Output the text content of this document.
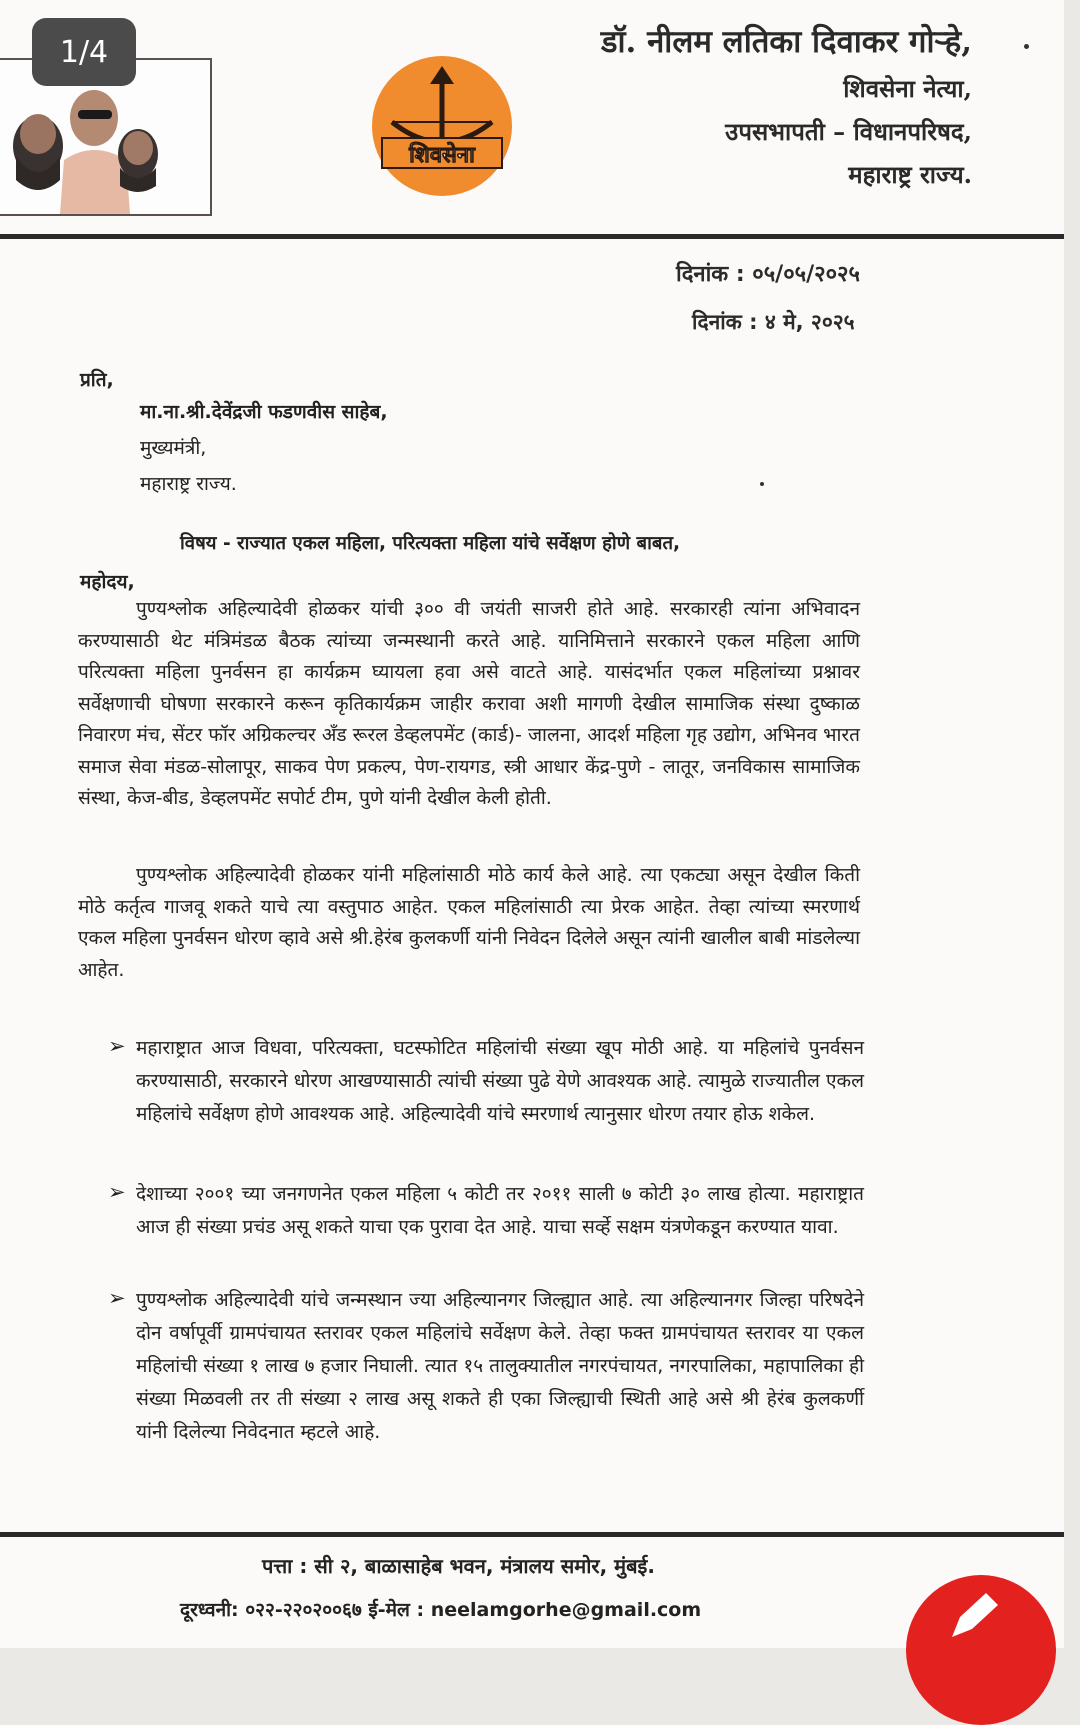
1/4
शिवसेना
डॉ. नीलम लतिका दिवाकर गोऱ्हे,
शिवसेना नेत्या,
उपसभापती – विधानपरिषद,
महाराष्ट्र राज्य.
दिनांक : ०५/०५/२०२५
दिनांक : ४ मे, २०२५
प्रति,
मा.ना.श्री.देवेंद्रजी फडणवीस साहेब,
मुख्यमंत्री,
महाराष्ट्र राज्य.
विषय - राज्यात एकल महिला, परित्यक्ता महिला यांचे सर्वेक्षण होणे बाबत,
महोदय,
पुण्यश्लोक अहिल्यादेवी होळकर यांची ३०० वी जयंती साजरी होते आहे. सरकारही त्यांना अभिवादन करण्यासाठी थेट मंत्रिमंडळ बैठक त्यांच्या जन्मस्थानी करते आहे. यानिमित्ताने सरकारने एकल महिला आणि परित्यक्ता महिला पुनर्वसन हा कार्यक्रम घ्यायला हवा असे वाटते आहे. यासंदर्भात एकल महिलांच्या प्रश्नावर सर्वेक्षणाची घोषणा सरकारने करून कृतिकार्यक्रम जाहीर करावा अशी मागणी देखील सामाजिक संस्था दुष्काळ निवारण मंच, सेंटर फॉर अग्रिकल्चर अँड रूरल डेव्हलपमेंट (कार्ड)- जालना, आदर्श महिला गृह उद्योग, अभिनव भारत समाज सेवा मंडळ-सोलापूर, साकव पेण प्रकल्प, पेण-रायगड, स्त्री आधार केंद्र-पुणे - लातूर, जनविकास सामाजिक संस्था, केज-बीड, डेव्हलपमेंट सपोर्ट टीम, पुणे यांनी देखील केली होती.
पुण्यश्लोक अहिल्यादेवी होळकर यांनी महिलांसाठी मोठे कार्य केले आहे. त्या एकट्या असून देखील किती मोठे कर्तृत्व गाजवू शकते याचे त्या वस्तुपाठ आहेत. एकल महिलांसाठी त्या प्रेरक आहेत. तेव्हा त्यांच्या स्मरणार्थ एकल महिला पुनर्वसन धोरण व्हावे असे श्री.हेरंब कुलकर्णी यांनी निवेदन दिलेले असून त्यांनी खालील बाबी मांडलेल्या आहेत.
➢ महाराष्ट्रात आज विधवा, परित्यक्ता, घटस्फोटित महिलांची संख्या खूप मोठी आहे. या महिलांचे पुनर्वसन करण्यासाठी, सरकारने धोरण आखण्यासाठी त्यांची संख्या पुढे येणे आवश्यक आहे. त्यामुळे राज्यातील एकल महिलांचे सर्वेक्षण होणे आवश्यक आहे. अहिल्यादेवी यांचे स्मरणार्थ त्यानुसार धोरण तयार होऊ शकेल.
➢ देशाच्या २००१ च्या जनगणनेत एकल महिला ५ कोटी तर २०११ साली ७ कोटी ३० लाख होत्या. महाराष्ट्रात आज ही संख्या प्रचंड असू शकते याचा एक पुरावा देत आहे. याचा सर्व्हे सक्षम यंत्रणेकडून करण्यात यावा.
➢ पुण्यश्लोक अहिल्यादेवी यांचे जन्मस्थान ज्या अहिल्यानगर जिल्ह्यात आहे. त्या अहिल्यानगर जिल्हा परिषदेने दोन वर्षापूर्वी ग्रामपंचायत स्तरावर एकल महिलांचे सर्वेक्षण केले. तेव्हा फक्त ग्रामपंचायत स्तरावर या एकल महिलांची संख्या १ लाख ७ हजार निघाली. त्यात १५ तालुक्यातील नगरपंचायत, नगरपालिका, महापालिका ही संख्या मिळवली तर ती संख्या २ लाख असू शकते ही एका जिल्ह्याची स्थिती आहे असे श्री हेरंब कुलकर्णी यांनी दिलेल्या निवेदनात म्हटले आहे.
पत्ता : सी २, बाळासाहेब भवन, मंत्रालय समोर, मुंबई.
दूरध्वनी: ०२२-२२०२००६७ ई-मेल : neelamgorhe@gmail.com
